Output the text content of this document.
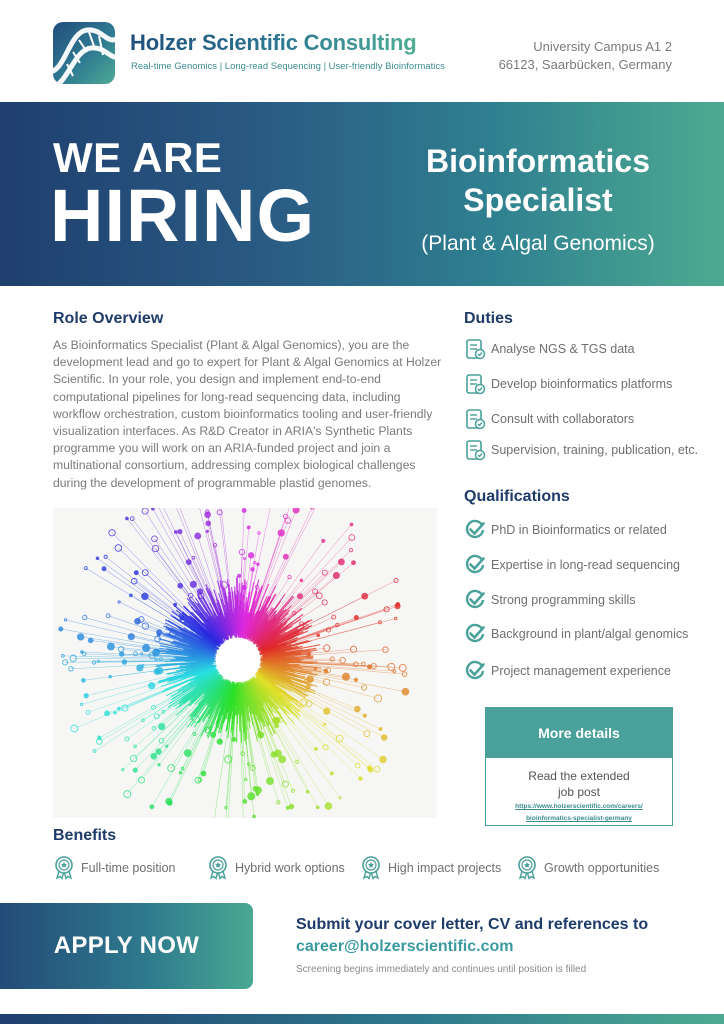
Holzer Scientific Consulting
Real-time Genomics | Long-read Sequencing | User-friendly Bioinformatics
University Campus A1 2
66123, Saarbücken, Germany
WE ARE
HIRING
Bioinformatics Specialist
(Plant & Algal Genomics)
Role Overview
As Bioinformatics Specialist (Plant & Algal Genomics), you are the development lead and go to expert for Plant & Algal Genomics at Holzer Scientific. In your role, you design and implement end-to-end computational pipelines for long-read sequencing data, including workflow orchestration, custom bioinformatics tooling and user-friendly visualization interfaces. As R&D Creator in ARIA's Synthetic Plants programme you will work on an ARIA-funded project and join a multinational consortium, addressing complex biological challenges during the development of programmable plastid genomes.
Duties
Analyse NGS & TGS data
Develop bioinformatics platforms
Consult with collaborators
Supervision, training, publication, etc.
Qualifications
PhD in Bioinformatics or related
Expertise in long-read sequencing
Strong programming skills
Background in plant/algal genomics
Project management experience
More details
Read the extended
job post
https://www.holzerscientific.com/careers/
bioinformatics-specialist-germany
Benefits
Full-time position	Hybrid work options	High impact projects	Growth opportunities
APPLY NOW
Submit your cover letter, CV and references to
career@holzerscientific.com
Screening begins immediately and continues until position is filled
